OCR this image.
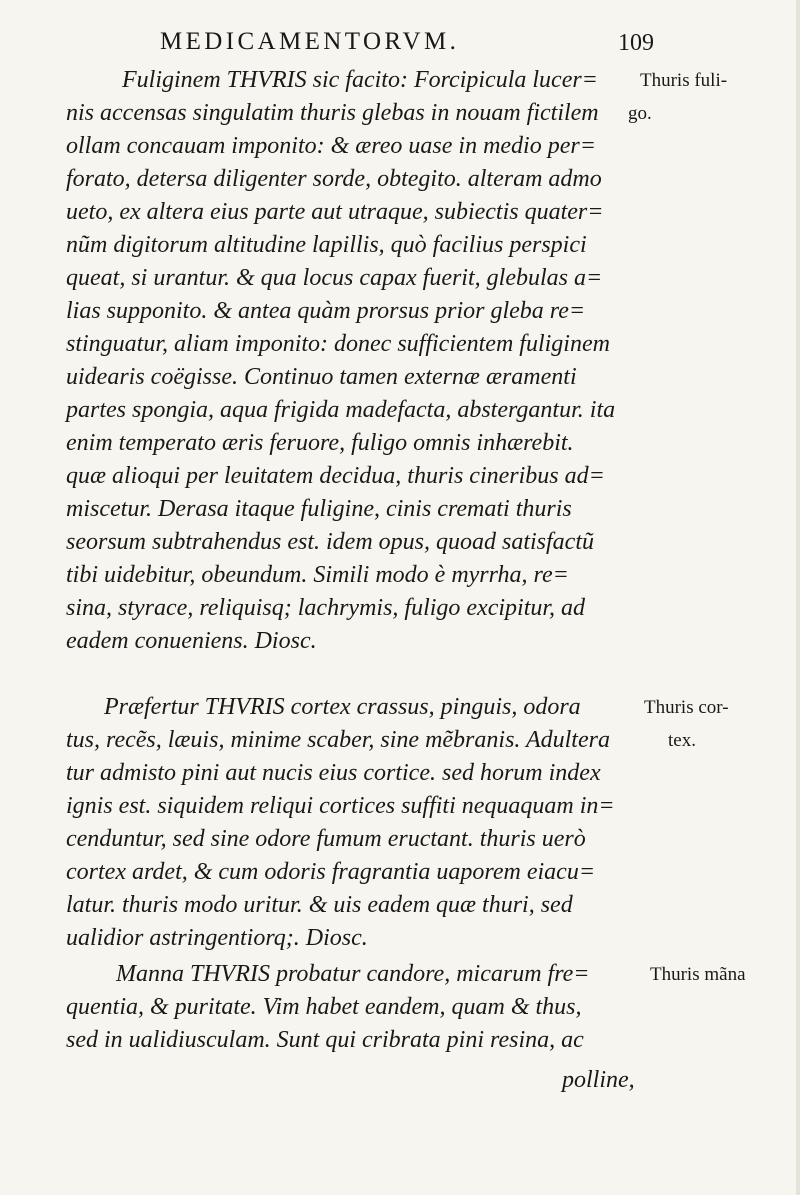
MEDICAMENTORVM.	109
Fuliginem THVRIS sic facito: Forcipicula lucer= Thuris fuli-
nis accensas singulatim thuris glebas in nouam fictilem go.
ollam concauam imponito: & æreo uase in medio per=
forato, detersa diligenter sorde, obtegito. alteram admo
ueto, ex altera eius parte aut utraque, subiectis quater=
nũm digitorum altitudine lapillis, quò facilius perspici
queat, si urantur. & qua locus capax fuerit, glebulas a=
lias supponito. & antea quàm prorsus prior gleba re=
stinguatur, aliam imponito: donec sufficientem fuliginem
uidearis coëgisse. Continuo tamen externæ æramenti
partes spongia, aqua frigida madefacta, abstergantur. ita
enim temperato æris feruore, fuligo omnis inhærebit.
quæ alioqui per leuitatem decidua, thuris cineribus ad=
miscetur. Derasa itaque fuligine, cinis cremati thuris
seorsum subtrahendus est. idem opus, quoad satisfactũ
tibi uidebitur, obeundum. Simili modo è myrrha, re=
sina, styrace, reliquisq; lachrymis, fuligo excipitur, ad
eadem conueniens. Diosc.
Præfertur THVRIS cortex crassus, pinguis, odora	Thuris cor-
tus, recẽs, læuis, minime scaber, sine mẽbranis. Adultera	tex.
tur admisto pini aut nucis eius cortice. sed horum index
ignis est. siquidem reliqui cortices suffiti nequaquam in=
cenduntur, sed sine odore fumum eructant. thuris uerò
cortex ardet, & cum odoris fragrantia uaporem eiacu=
latur. thuris modo uritur. & uis eadem quæ thuri, sed
ualidior astringentiorq;. Diosc.
Manna THVRIS probatur candore, micarum fre=	Thuris mãna
quentia, & puritate. Vim habet eandem, quam & thus,
sed in ualidiusculam. Sunt qui cribrata pini resina, ac
polline,
